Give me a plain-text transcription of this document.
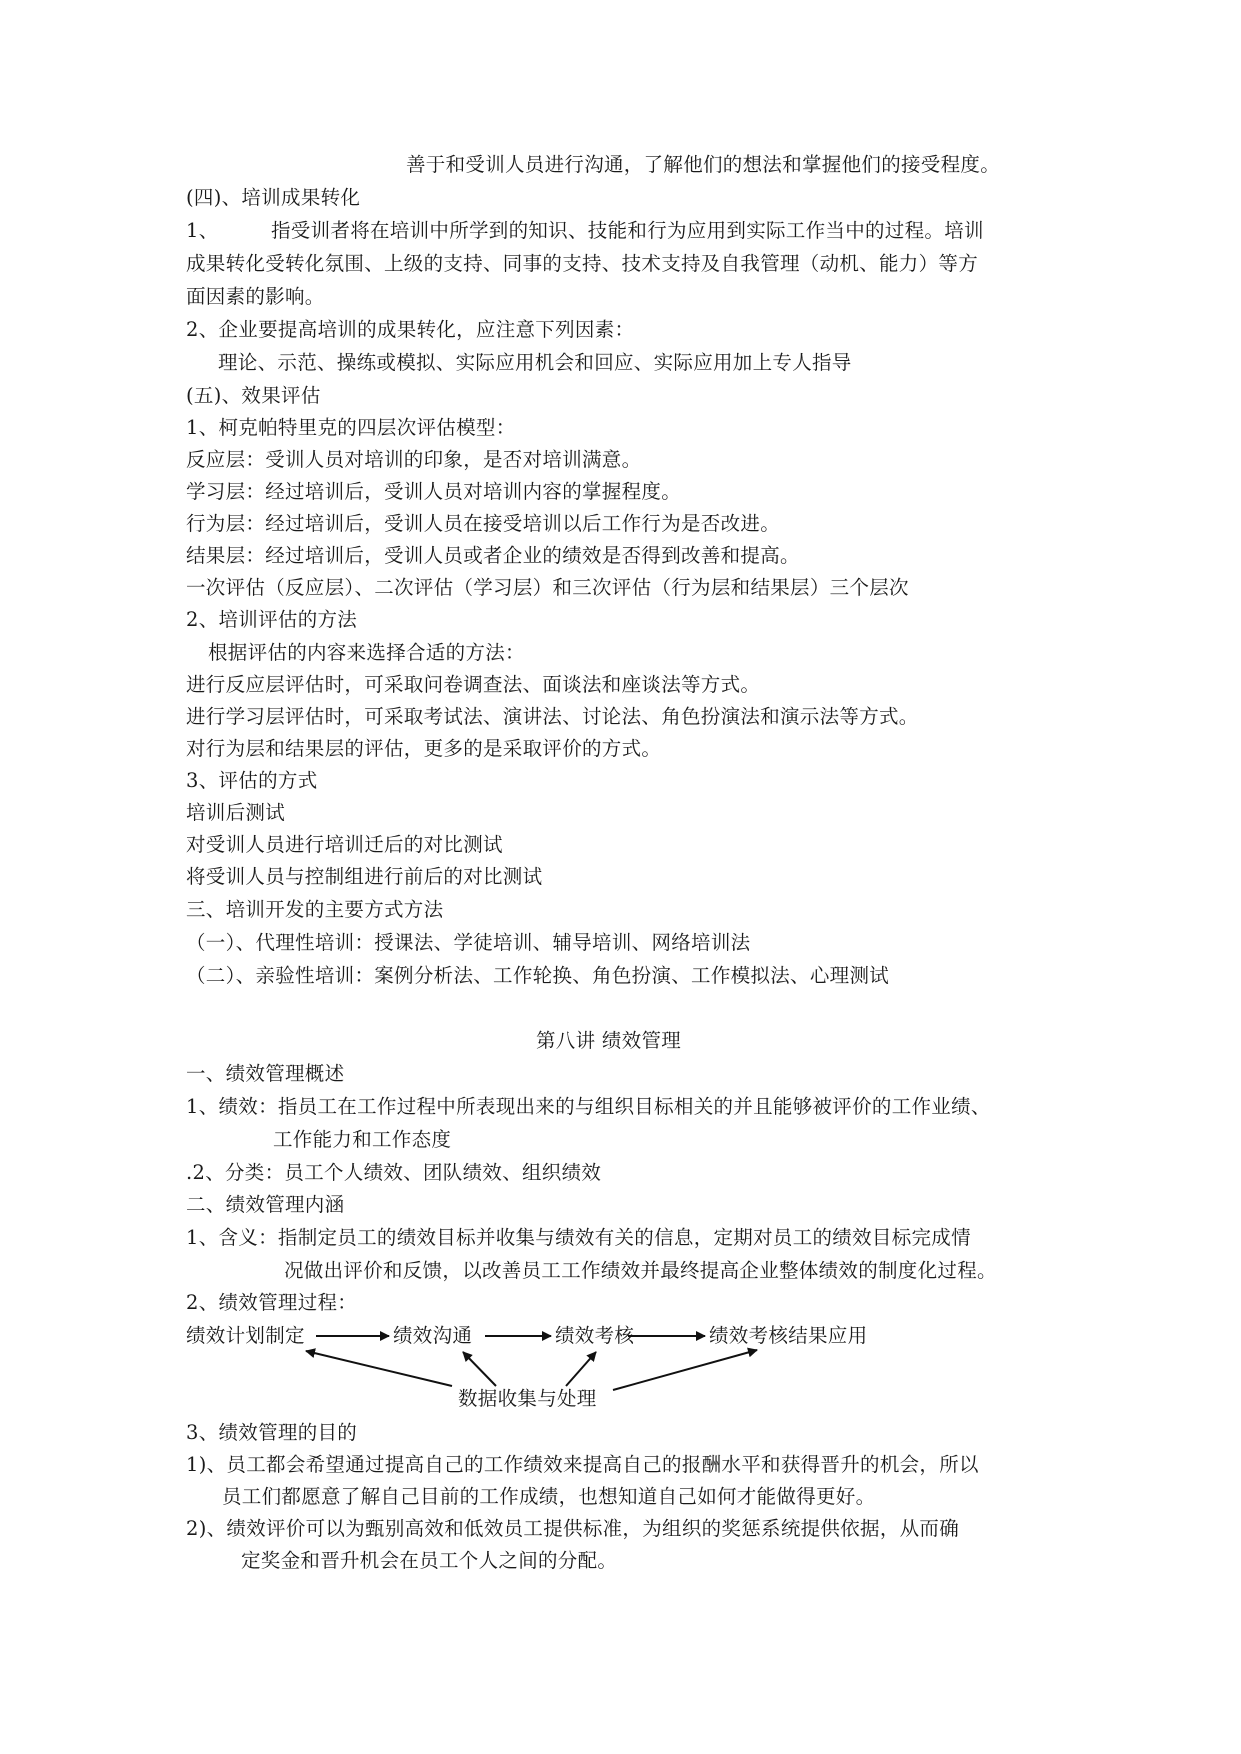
善于和受训人员进行沟通，了解他们的想法和掌握他们的接受程度。
(四)、培训成果转化
1、	指受训者将在培训中所学到的知识、技能和行为应用到实际工作当中的过程。培训
成果转化受转化氛围、上级的支持、同事的支持、技术支持及自我管理（动机、能力）等方
面因素的影响。
2、企业要提高培训的成果转化，应注意下列因素：
理论、示范、操练或模拟、实际应用机会和回应、实际应用加上专人指导
(五)、效果评估
1、柯克帕特里克的四层次评估模型：
反应层：受训人员对培训的印象，是否对培训满意。
学习层：经过培训后，受训人员对培训内容的掌握程度。
行为层：经过培训后，受训人员在接受培训以后工作行为是否改进。
结果层：经过培训后，受训人员或者企业的绩效是否得到改善和提高。
一次评估（反应层）、二次评估（学习层）和三次评估（行为层和结果层）三个层次
2、培训评估的方法
根据评估的内容来选择合适的方法：
进行反应层评估时，可采取问卷调查法、面谈法和座谈法等方式。
进行学习层评估时，可采取考试法、演讲法、讨论法、角色扮演法和演示法等方式。
对行为层和结果层的评估，更多的是采取评价的方式。
3、评估的方式
培训后测试
对受训人员进行培训迁后的对比测试
将受训人员与控制组进行前后的对比测试
三、培训开发的主要方式方法
（一）、代理性培训：授课法、学徒培训、辅导培训、网络培训法
（二）、亲验性培训：案例分析法、工作轮换、角色扮演、工作模拟法、心理测试
第八讲 绩效管理
一、绩效管理概述
1、绩效：指员工在工作过程中所表现出来的与组织目标相关的并且能够被评价的工作业绩、
工作能力和工作态度
.2、分类：员工个人绩效、团队绩效、组织绩效
二、绩效管理内涵
1、含义：指制定员工的绩效目标并收集与绩效有关的信息，定期对员工的绩效目标完成情
况做出评价和反馈，以改善员工工作绩效并最终提高企业整体绩效的制度化过程。
2、绩效管理过程：
绩效计划制定	绩效沟通	绩效考核	绩效考核结果应用
数据收集与处理
3、绩效管理的目的
1)、员工都会希望通过提高自己的工作绩效来提高自己的报酬水平和获得晋升的机会，所以
员工们都愿意了解自己目前的工作成绩，也想知道自己如何才能做得更好。
2)、绩效评价可以为甄别高效和低效员工提供标准，为组织的奖惩系统提供依据，从而确
定奖金和晋升机会在员工个人之间的分配。
